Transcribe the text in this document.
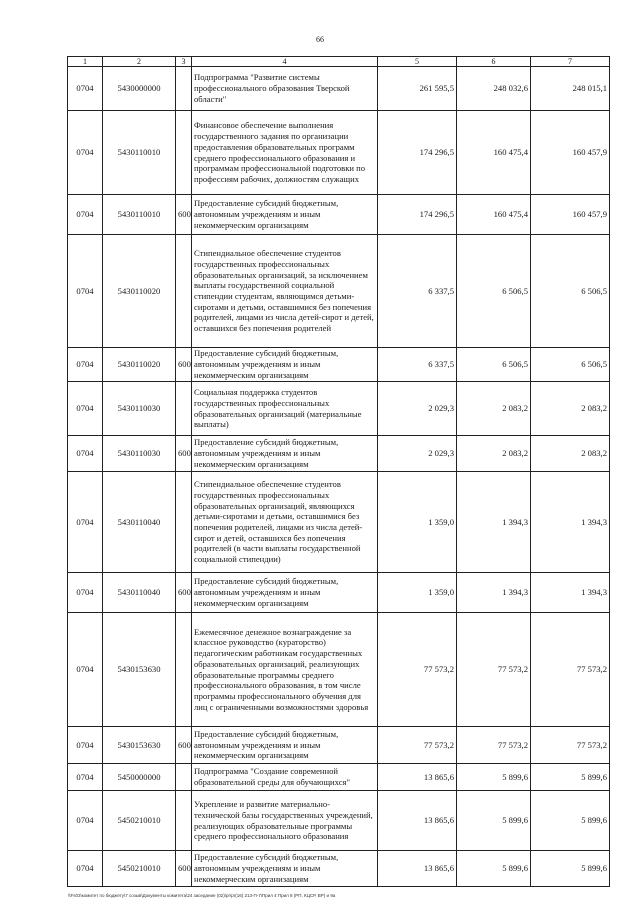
66
1	2	3	4	5	6	7
0704	5430000000		Подпрограмма "Развитие системы профессионального образования Тверской области"	261 595,5	248 032,6	248 015,1
0704	5430110010		Финансовое обеспечение выполнения государственного задания по организации предоставления образовательных программ среднего профессионального образования и программам профессиональной подготовки по профессиям рабочих, должностям служащих	174 296,5	160 475,4	160 457,9
0704	5430110010	600	Предоставление субсидий бюджетным, автономным учреждениям и иным некоммерческим организациям	174 296,5	160 475,4	160 457,9
0704	5430110020		Стипендиальное обеспечение студентов государственных профессиональных образовательных организаций, за исключением выплаты государственной социальной стипендии студентам, являющимся детьми-сиротами и детьми, оставшимися без попечения родителей, лицами из числа детей-сирот и детей, оставшихся без попечения родителей	6 337,5	6 506,5	6 506,5
0704	5430110020	600	Предоставление субсидий бюджетным, автономным учреждениям и иным некоммерческим организациям	6 337,5	6 506,5	6 506,5
0704	5430110030		Социальная поддержка студентов государственных профессиональных образовательных организаций (материальные выплаты)	2 029,3	2 083,2	2 083,2
0704	5430110030	600	Предоставление субсидий бюджетным, автономным учреждениям и иным некоммерческим организациям	2 029,3	2 083,2	2 083,2
0704	5430110040		Стипендиальное обеспечение студентов государственных профессиональных образовательных организаций, являющихся детьми-сиротами и детьми, оставшимися без попечения родителей, лицами из числа детей-сирот и детей, оставшихся без попечения родителей (в части выплаты государственной социальной стипендии)	1 359,0	1 394,3	1 394,3
0704	5430110040	600	Предоставление субсидий бюджетным, автономным учреждениям и иным некоммерческим организациям	1 359,0	1 394,3	1 394,3
0704	5430153630		Ежемесячное денежное вознаграждение за классное руководство (кураторство) педагогическим работникам государственных образовательных организаций, реализующих образовательные программы среднего профессионального образования, в том числе программы профессионального обучения для лиц с ограниченными возможностями здоровья	77 573,2	77 573,2	77 573,2
0704	5430153630	600	Предоставление субсидий бюджетным, автономным учреждениям и иным некоммерческим организациям	77 573,2	77 573,2	77 573,2
0704	5450000000		Подпрограмма "Создание современной образовательной среды для обучающихся"	13 865,6	5 899,6	5 899,6
0704	5450210010		Укрепление и развитие материально-технической базы государственных учреждений, реализующих образовательные программы среднего профессионального образования	13 865,6	5 899,6	5 899,6
0704	5450210010	600	Предоставление субсидий бюджетным, автономным учреждениям и иным некоммерческим организациям	13 865,6	5 899,6	5 899,6
\\Fs03\комитет по бюджету\7 созыв\Документы комитета\24 заседание (02)\pr\pr(16) 213-П-7\Прил 4 Прил 8 (РП, КЦСР, ВР) и 9а
